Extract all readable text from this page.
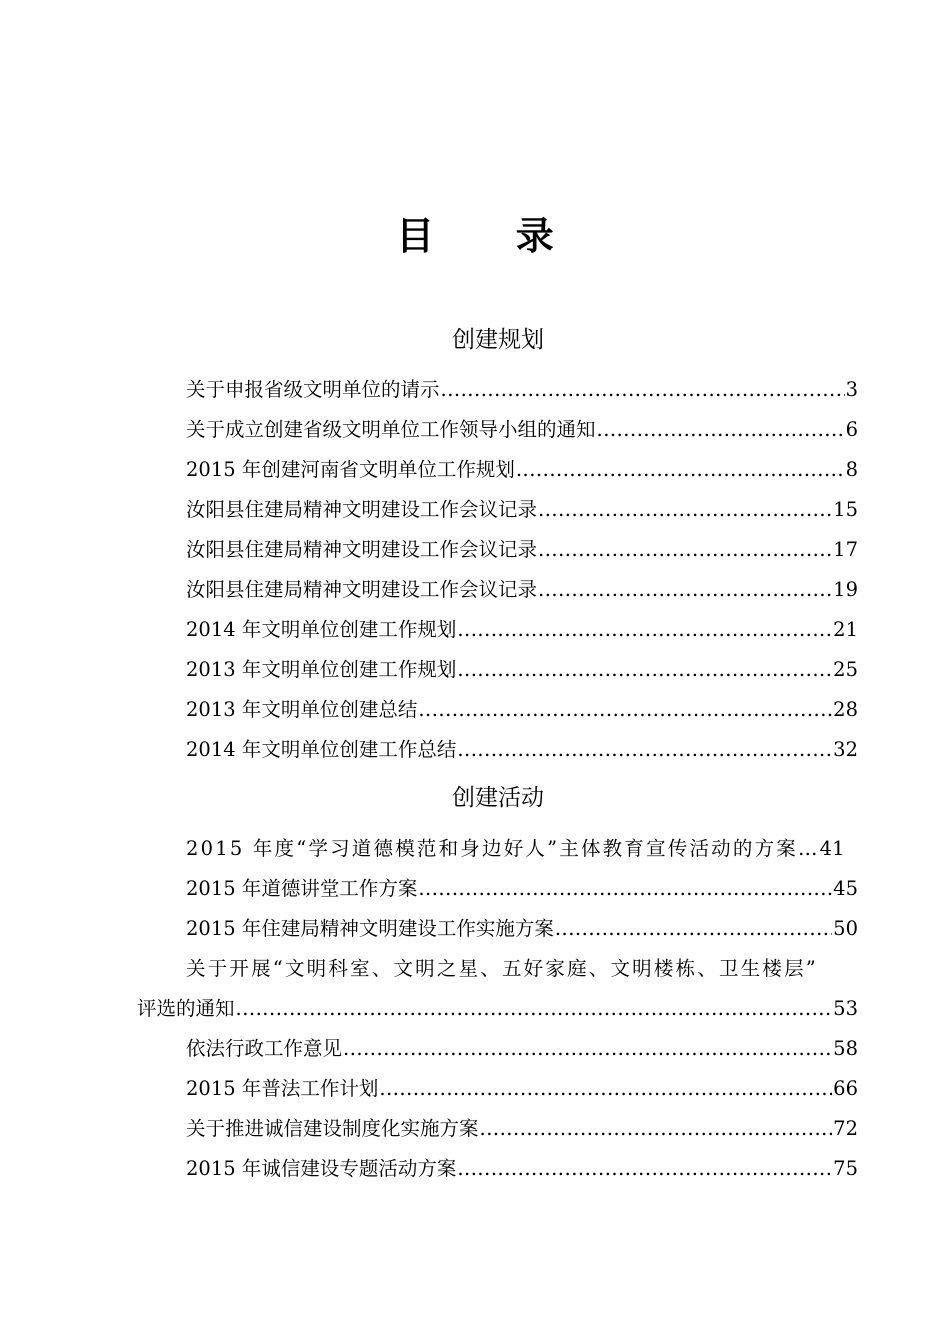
目 录
创建规划
关于申报省级文明单位的请示 .....	3
关于成立创建省级文明单位工作领导小组的通知 .....	6
2015 年创建河南省文明单位工作规划 .....	8
汝阳县住建局精神文明建设工作会议记录 .....	15
汝阳县住建局精神文明建设工作会议记录 .....	17
汝阳县住建局精神文明建设工作会议记录 .....	19
2014 年文明单位创建工作规划 .....	21
2013 年文明单位创建工作规划 .....	25
2013 年文明单位创建总结 .....	28
2014 年文明单位创建工作总结 .....	32
创建活动
2015 年度“学习道德模范和身边好人”主体教育宣传活动的方案… 41
2015 年道德讲堂工作方案 .....	45
2015 年住建局精神文明建设工作实施方案 .....	50
关于开展“文明科室、文明之星、五好家庭、文明楼栋、卫生楼层”
评选的通知 .....	53
依法行政工作意见 .....	58
2015 年普法工作计划 .....	66
关于推进诚信建设制度化实施方案 .....	72
2015 年诚信建设专题活动方案 .....	75
